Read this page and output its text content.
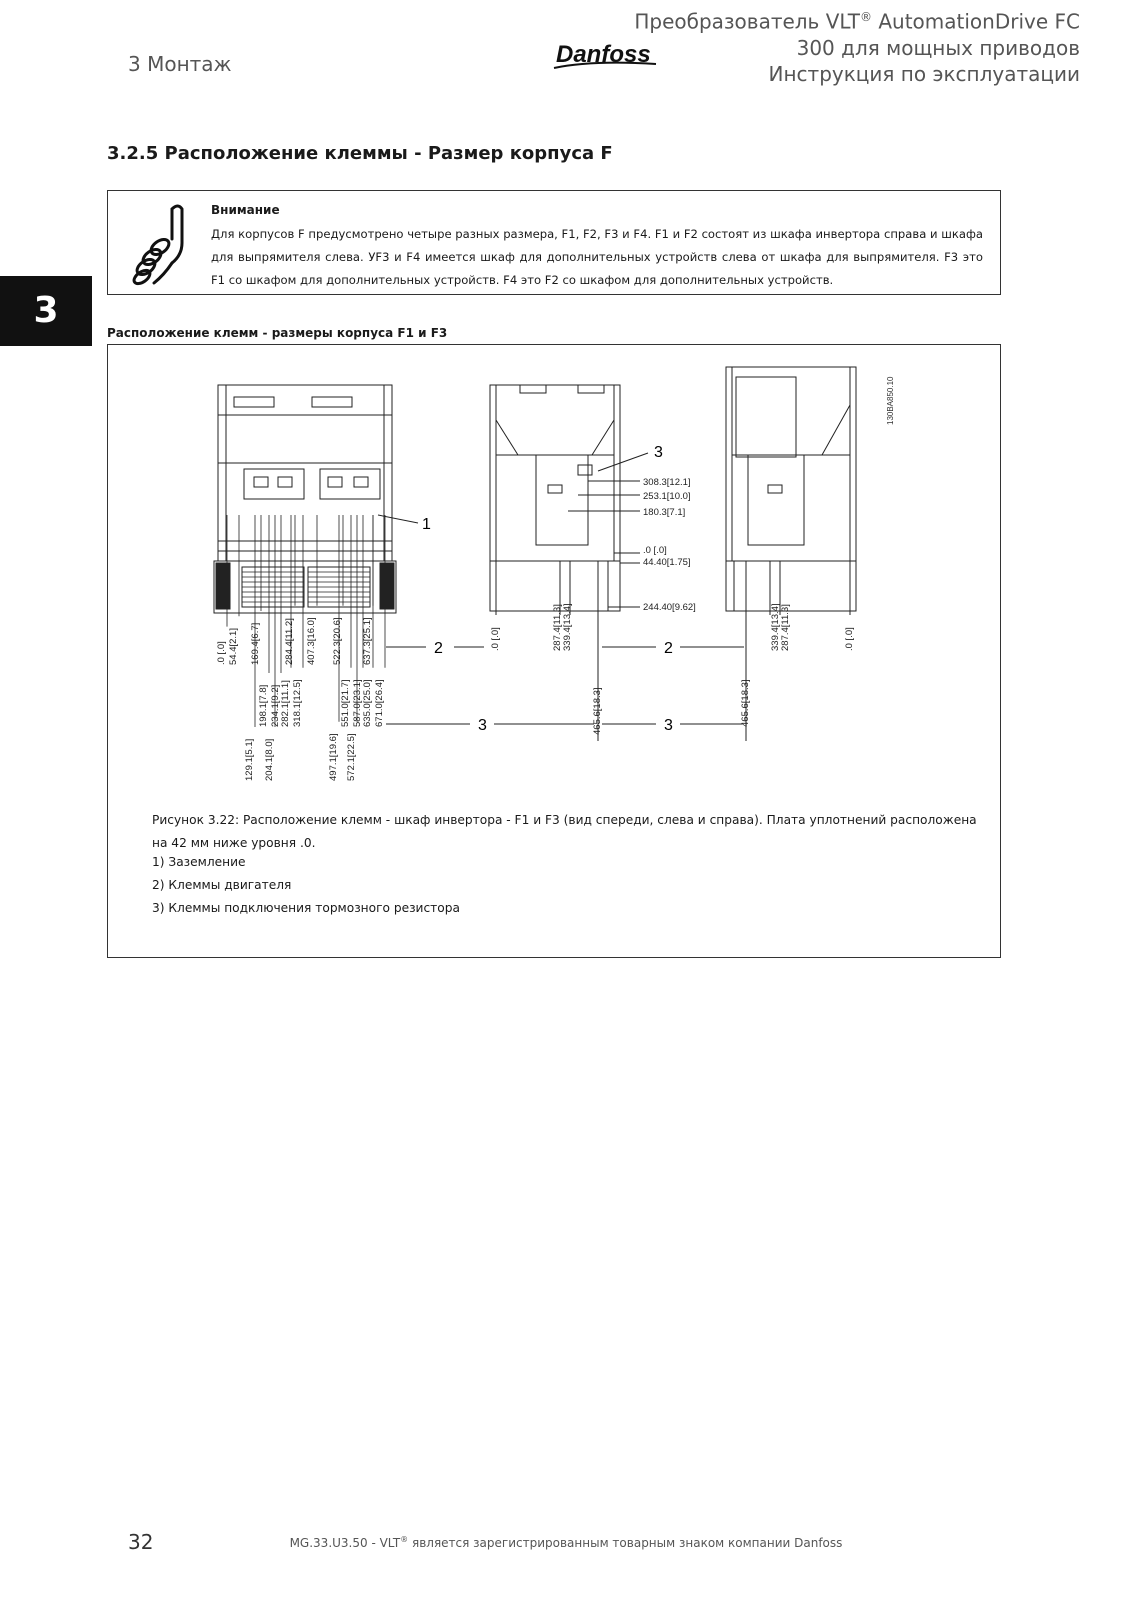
3 Монтаж	Danfoss
Преобразователь VLT® AutomationDrive FC
300 для мощных приводов
Инструкция по эксплуатации
3.2.5 Расположение клеммы - Размер корпуса F
Внимание
Для корпусов F предусмотрено четыре разных размера, F1, F2, F3 и F4. F1 и F2 состоят из шкафа инвертора справа и шкафа для выпрямителя слева. УF3 и F4 имеется шкаф для дополнительных устройств слева от шкафа для выпрямителя. F3 это F1 со шкафом для дополнительных устройств. F4 это F2 со шкафом для дополнительных устройств.
3
Расположение клемм - размеры корпуса F1 и F3
130BA850.10
1
2	2
3
3	3
.0 [.0] 54.4[2.1] 169.4[6.7] 284.4[11.2] 407.3[16.0] 522.3[20.6] 637.3[25.1]
198.1[7.8] 234.1[9.2] 282.1[11.1] 318.1[12.5]	551.0[21.7] 587.0[23.1] 635.0[25.0] 671.0[26.4]
129.1[5.1] 204.1[8.0]	497.1[19.6] 572.1[22.5]
308.3[12.1]
253.1[10.0]
180.3[7.1]
.0 [.0]
44.40[1.75]
244.40[9.62]
.0 [.0]	287.4[11.3] 339.4[13.4]
465.6[18.3]
339.4[13.4] 287.4[11.3]	.0 [.0]
465.6[18.3]
Рисунок 3.22: Расположение клемм - шкаф инвертора - F1 и F3 (вид спереди, слева и справа). Плата уплотнений расположена на 42 мм ниже уровня .0.
1) Заземление
2) Клеммы двигателя
3) Клеммы подключения тормозного резистора
32	MG.33.U3.50 - VLT® является зарегистрированным товарным знаком компании Danfoss
